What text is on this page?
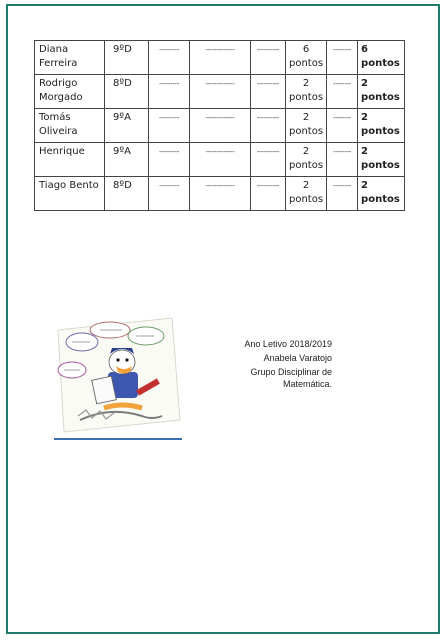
Diana Ferreira	9ºD	---------	-------------	----------	6 pontos	--------	6 pontos
Rodrigo Morgado	8ºD	---------	-------------	----------	2 pontos	--------	2 pontos
Tomás Oliveira	9ºA	---------	-------------	----------	2 pontos	--------	2 pontos
Henrique	9ºA	---------	-------------	----------	2 pontos	--------	2 pontos
Tiago Bento	8ºD	---------	-------------	----------	2 pontos	--------	2 pontos
Ano Letivo 2018/2019
Anabela Varatojo
Grupo Disciplinar de
Matemática.
